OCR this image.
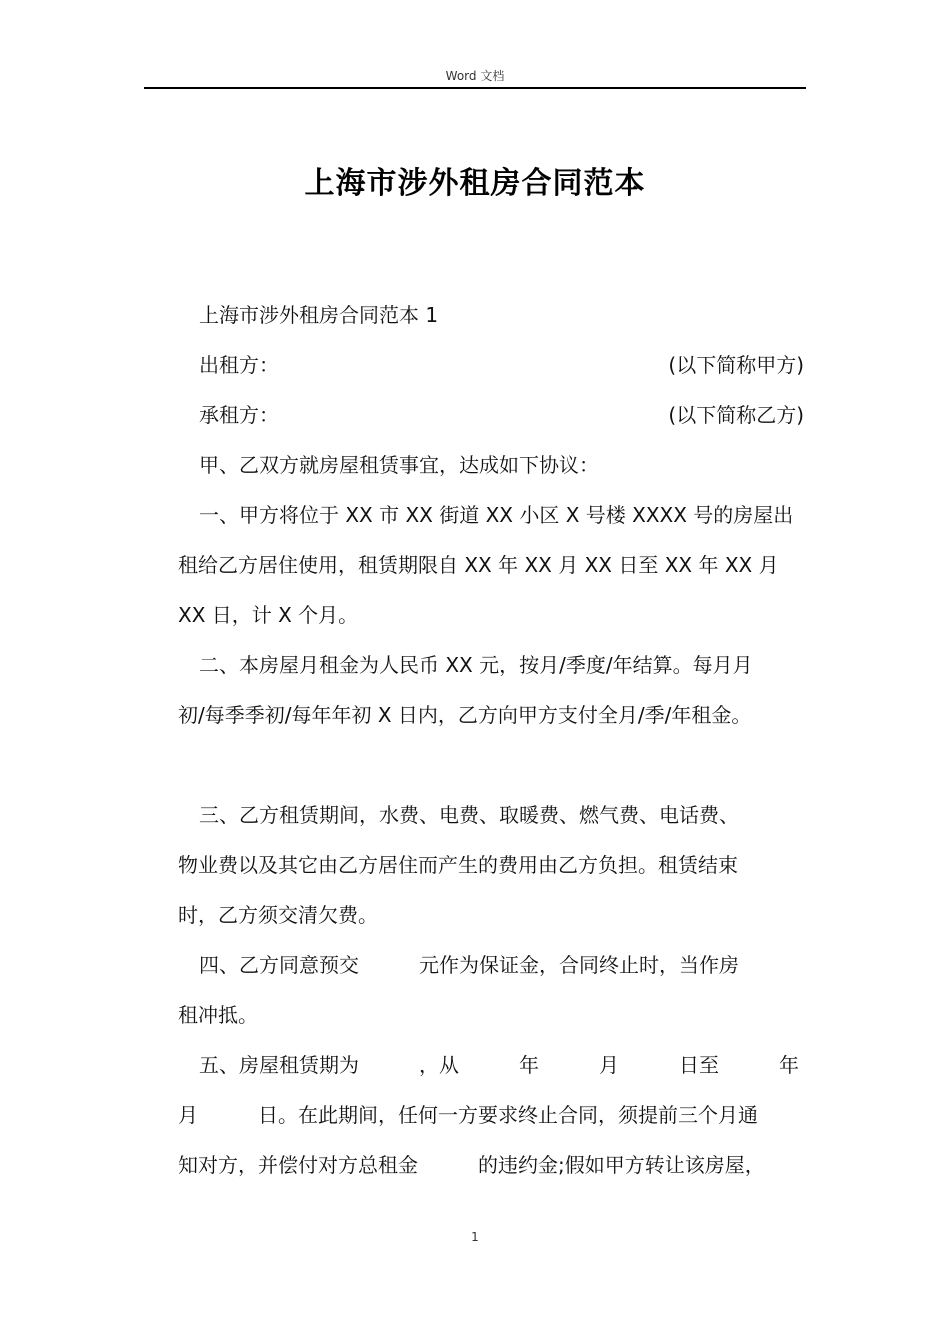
Word 文档
上海市涉外租房合同范本

上海市涉外租房合同范本 1

出租方：	(以下简称甲方)
承租方：	(以下简称乙方)

甲、乙双方就房屋租赁事宜，达成如下协议：

一、甲方将位于 XX 市 XX 街道 XX 小区 X 号楼 XXXX 号的房屋出

租给乙方居住使用，租赁期限自 XX 年 XX 月 XX 日至 XX 年 XX 月

XX 日，计 X 个月。

二、本房屋月租金为人民币 XX 元，按月/季度/年结算。每月月

初/每季季初/每年年初 X 日内，乙方向甲方支付全月/季/年租金。

三、乙方租赁期间，水费、电费、取暖费、燃气费、电话费、

物业费以及其它由乙方居住而产生的费用由乙方负担。租赁结束

时，乙方须交清欠费。

四、乙方同意预交　　　元作为保证金，合同终止时，当作房

租冲抵。

五、房屋租赁期为　　　，从　　　年　　　月　　　日至　　　年

月　　　日。在此期间，任何一方要求终止合同，须提前三个月通

知对方，并偿付对方总租金　　　的违约金;假如甲方转让该房屋，

1
